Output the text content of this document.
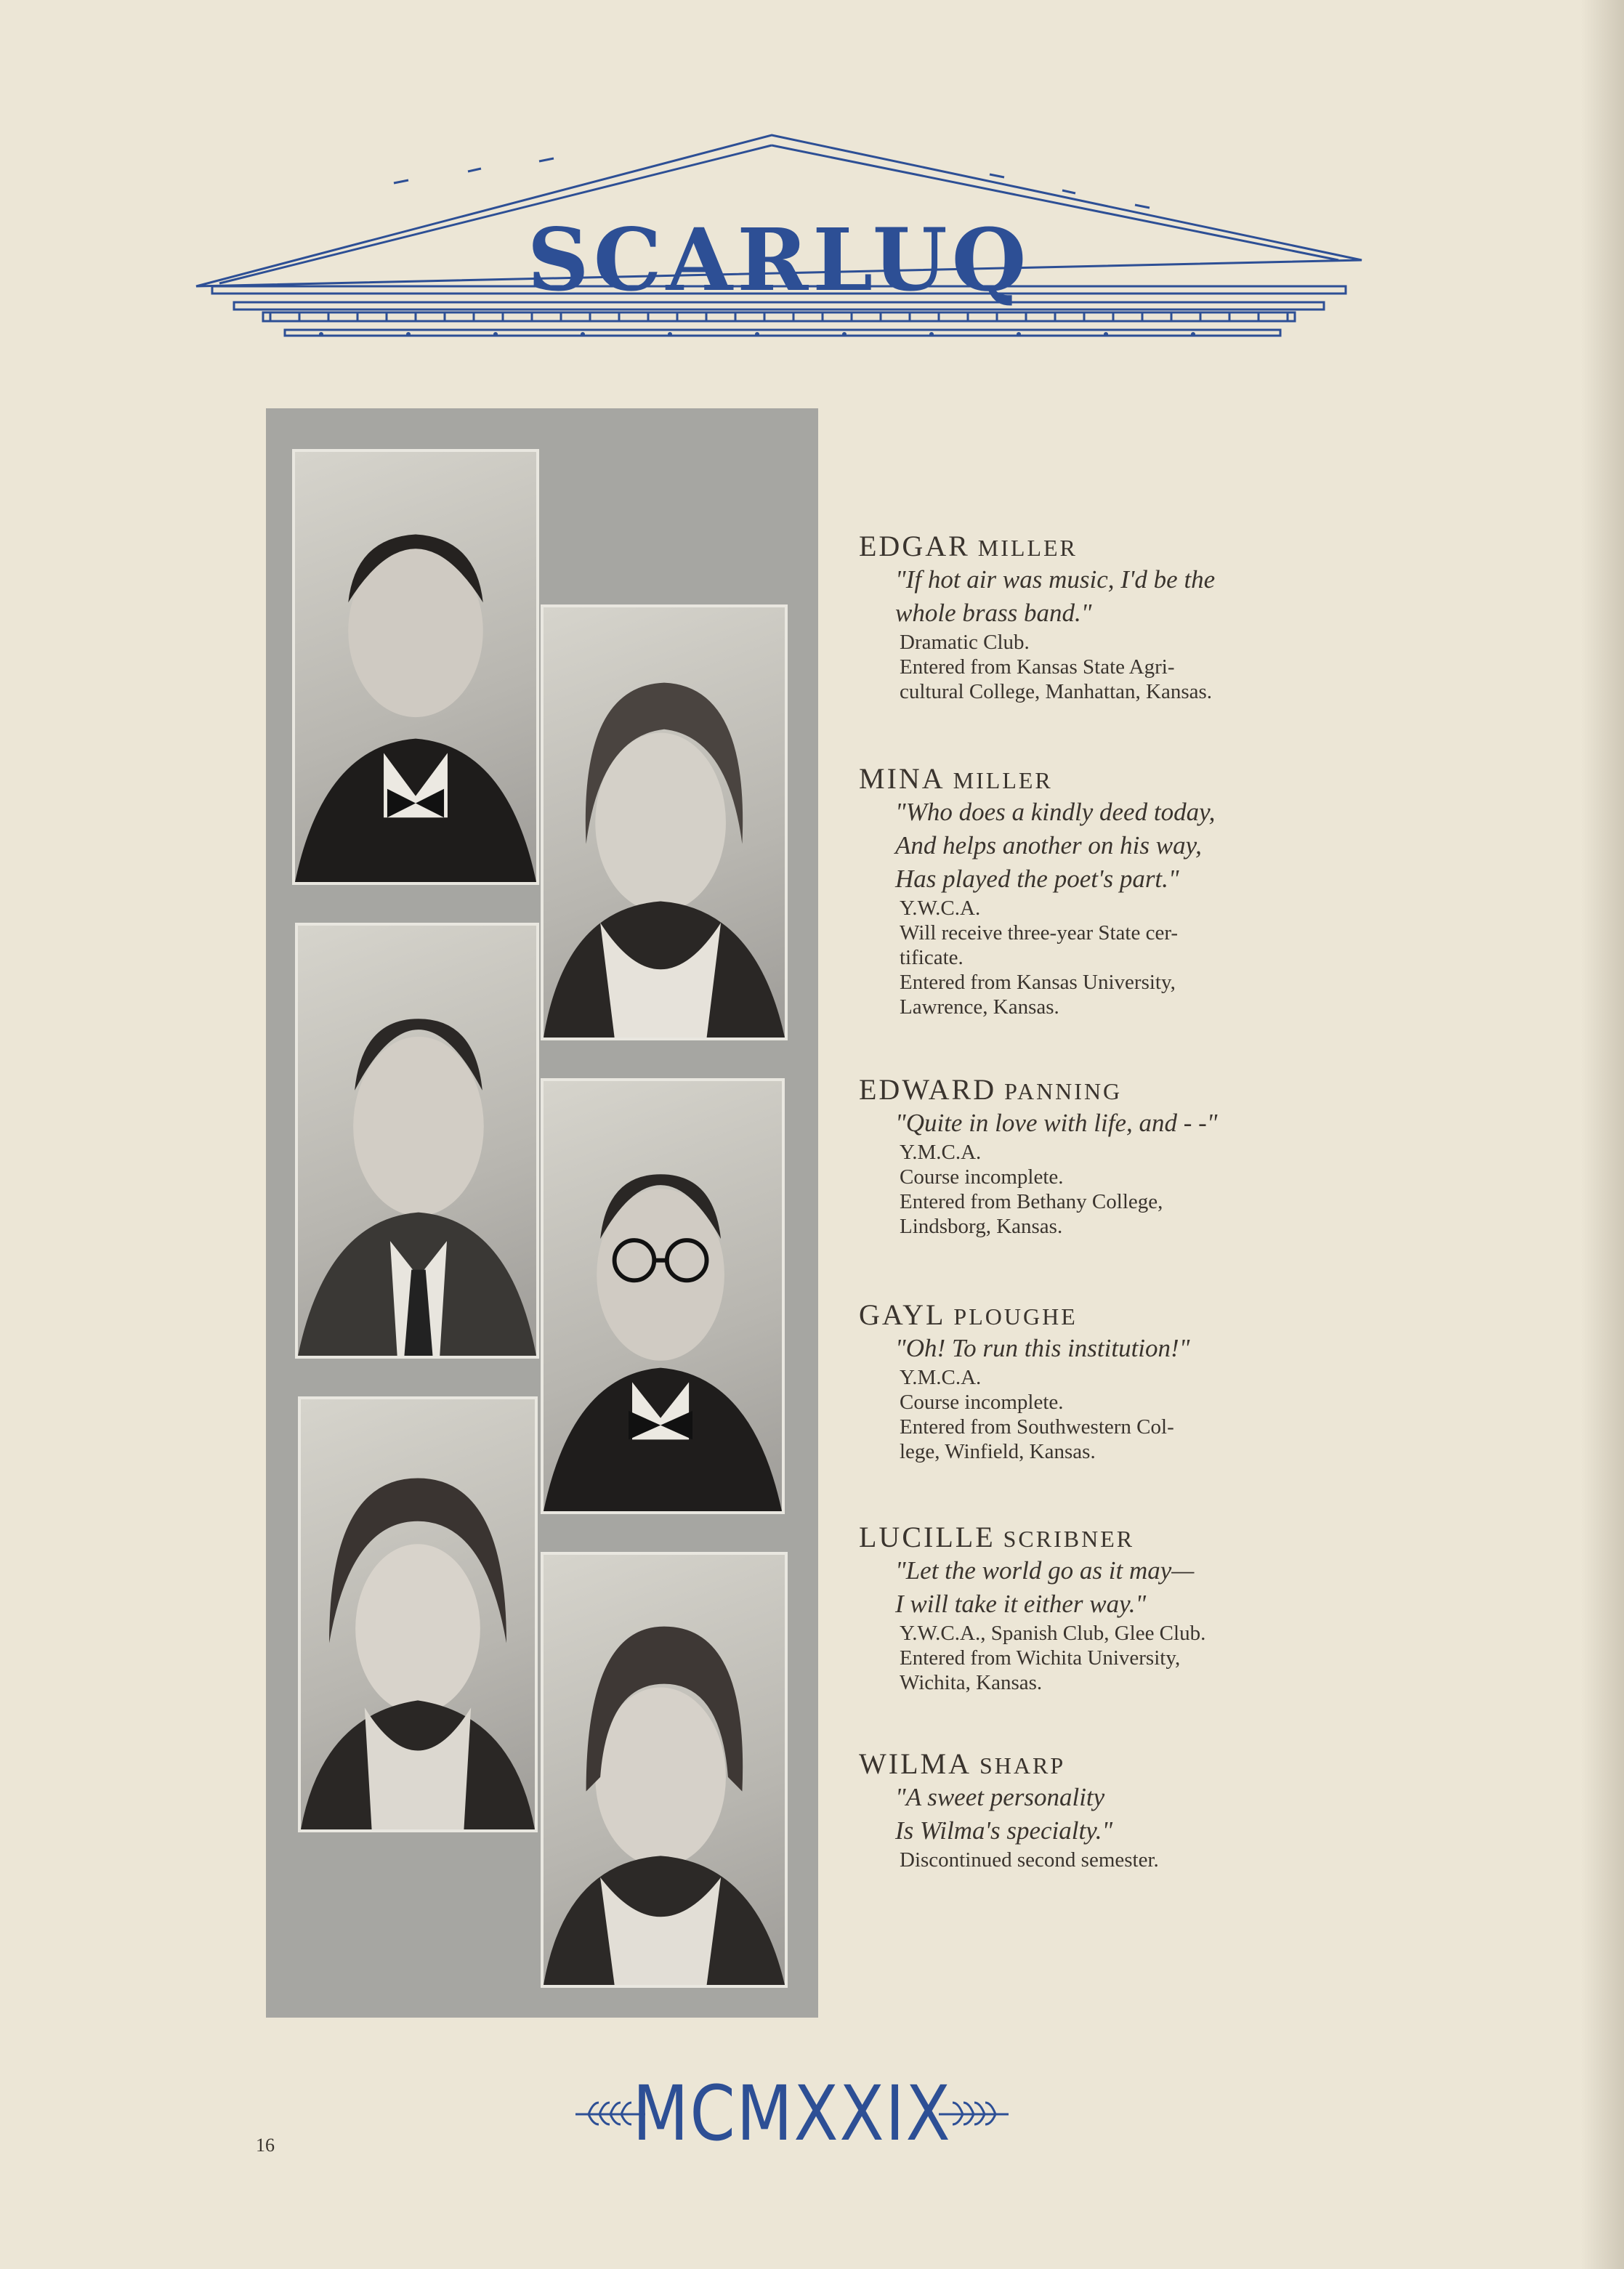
SCARLUQ
EDGAR MILLER
"If hot air was music, I'd be the
whole brass band."
Dramatic Club.
Entered from Kansas State Agri-
cultural College, Manhattan, Kansas.
MINA MILLER
"Who does a kindly deed today,
And helps another on his way,
Has played the poet's part."
Y.W.C.A.
Will receive three-year State cer-
tificate.
Entered from Kansas University,
Lawrence, Kansas.
EDWARD PANNING
"Quite in love with life, and - -"
Y.M.C.A.
Course incomplete.
Entered from Bethany College,
Lindsborg, Kansas.
GAYL PLOUGHE
"Oh! To run this institution!"
Y.M.C.A.
Course incomplete.
Entered from Southwestern Col-
lege, Winfield, Kansas.
LUCILLE SCRIBNER
"Let the world go as it may—
I will take it either way."
Y.W.C.A., Spanish Club, Glee Club.
Entered from Wichita University,
Wichita, Kansas.
WILMA SHARP
"A sweet personality
Is Wilma's specialty."
Discontinued second semester.
MCMXXIX
16
